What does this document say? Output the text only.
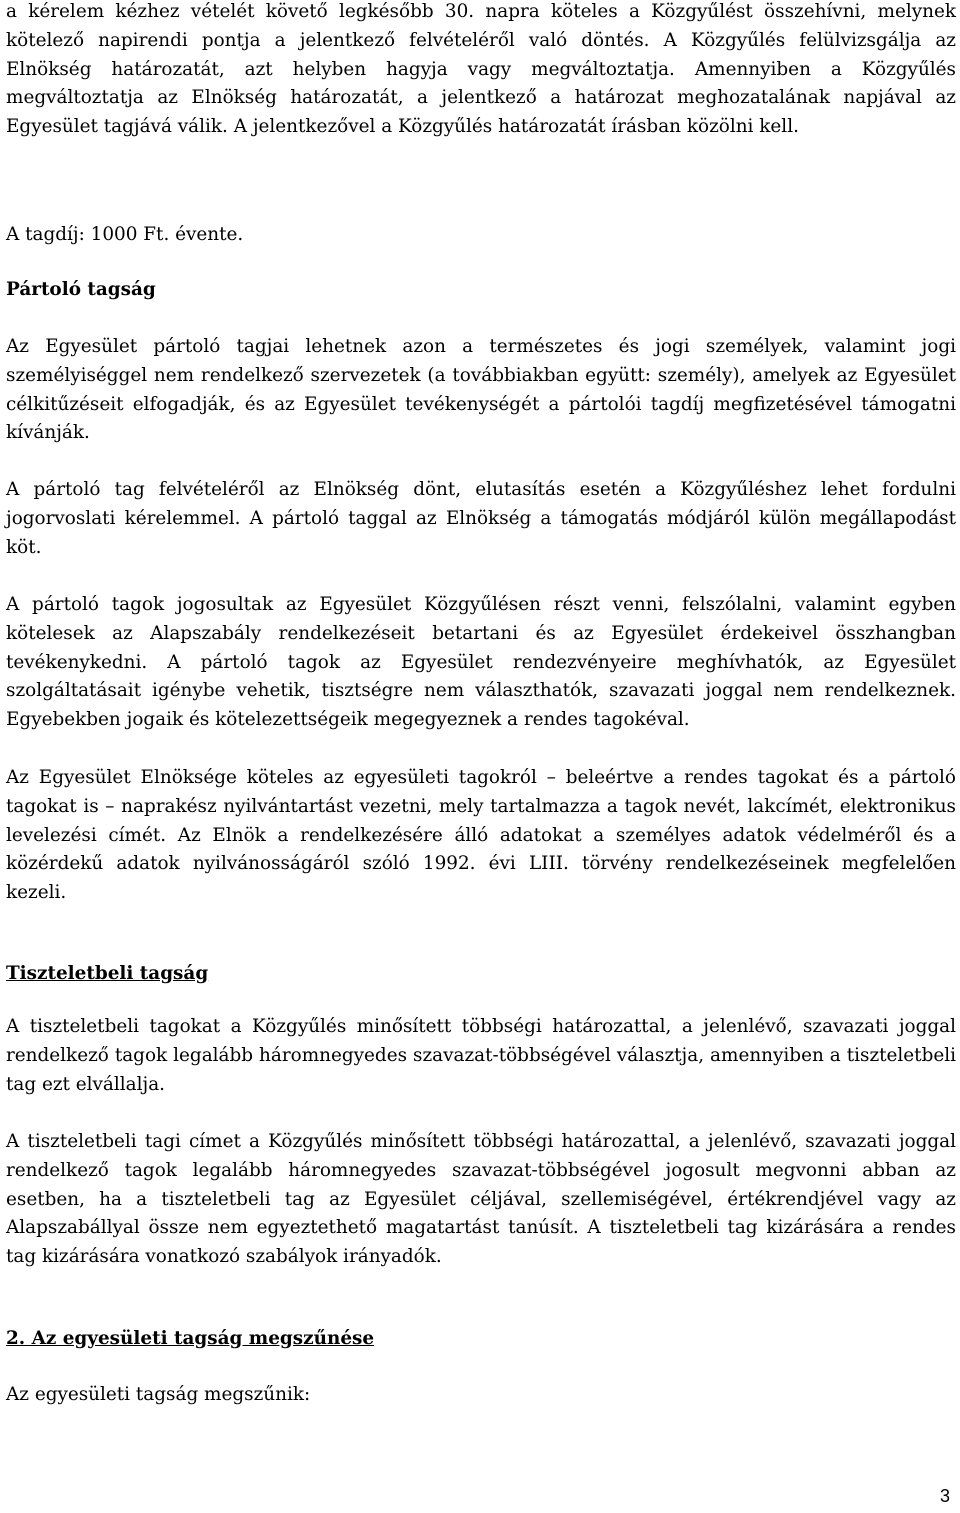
a kérelem kézhez vételét követő legkésőbb 30. napra köteles a Közgyűlést összehívni, melynek kötelező napirendi pontja a jelentkező felvételéről való döntés. A Közgyűlés felülvizsgálja az Elnökség határozatát, azt helyben hagyja vagy megváltoztatja. Amennyiben a Közgyűlés megváltoztatja az Elnökség határozatát, a jelentkező a határozat meghozatalának napjával az Egyesület tagjává válik. A jelentkezővel a Közgyűlés határozatát írásban közölni kell.

A tagdíj: 1000 Ft. évente.

Pártoló tagság

Az Egyesület pártoló tagjai lehetnek azon a természetes és jogi személyek, valamint jogi személyiséggel nem rendelkező szervezetek (a továbbiakban együtt: személy), amelyek az Egyesület célkitűzéseit elfogadják, és az Egyesület tevékenységét a pártolói tagdíj megfizetésével támogatni kívánják.

A pártoló tag felvételéről az Elnökség dönt, elutasítás esetén a Közgyűléshez lehet fordulni jogorvoslati kérelemmel. A pártoló taggal az Elnökség a támogatás módjáról külön megállapodást köt.

A pártoló tagok jogosultak az Egyesület Közgyűlésen részt venni, felszólalni, valamint egyben kötelesek az Alapszabály rendelkezéseit betartani és az Egyesület érdekeivel összhangban tevékenykedni. A pártoló tagok az Egyesület rendezvényeire meghívhatók, az Egyesület szolgáltatásait igénybe vehetik, tisztségre nem választhatók, szavazati joggal nem rendelkeznek. Egyebekben jogaik és kötelezettségeik megegyeznek a rendes tagokéval.

Az Egyesület Elnöksége köteles az egyesületi tagokról – beleértve a rendes tagokat és a pártoló tagokat is – naprakész nyilvántartást vezetni, mely tartalmazza a tagok nevét, lakcímét, elektronikus levelezési címét. Az Elnök a rendelkezésére álló adatokat a személyes adatok védelméről és a közérdekű adatok nyilvánosságáról szóló 1992. évi LIII. törvény rendelkezéseinek megfelelően kezeli.

Tiszteletbeli tagság

A tiszteletbeli tagokat a Közgyűlés minősített többségi határozattal, a jelenlévő, szavazati joggal rendelkező tagok legalább háromnegyedes szavazat-többségével választja, amennyiben a tiszteletbeli tag ezt elvállalja.

A tiszteletbeli tagi címet a Közgyűlés minősített többségi határozattal, a jelenlévő, szavazati joggal rendelkező tagok legalább háromnegyedes szavazat-többségével jogosult megvonni abban az esetben, ha a tiszteletbeli tag az Egyesület céljával, szellemiségével, értékrendjével vagy az Alapszabállyal össze nem egyeztethető magatartást tanúsít. A tiszteletbeli tag kizárására a rendes tag kizárására vonatkozó szabályok irányadók.

2. Az egyesületi tagság megszűnése

Az egyesületi tagság megszűnik:

3
